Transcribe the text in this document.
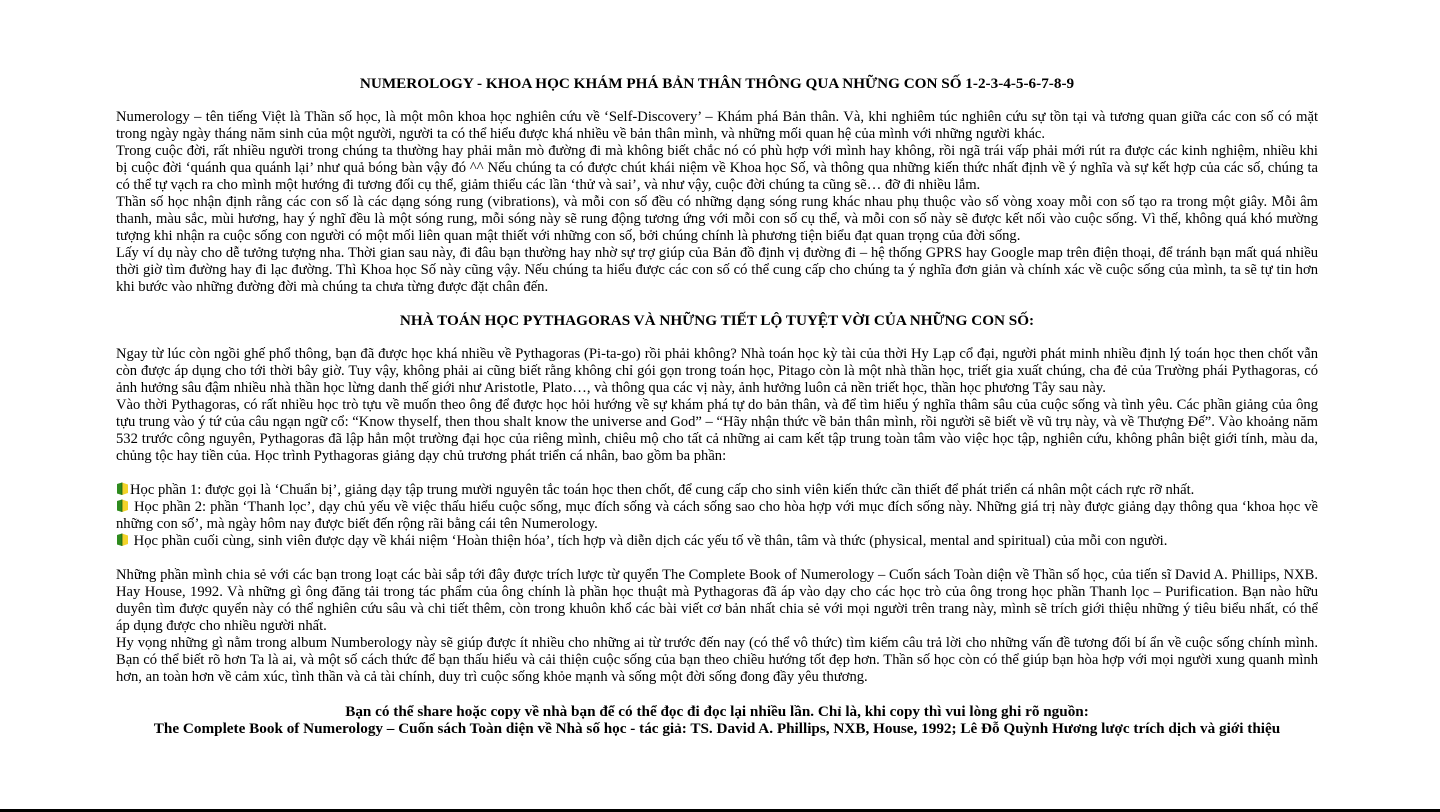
NUMEROLOGY - KHOA HỌC KHÁM PHÁ BẢN THÂN THÔNG QUA NHỮNG CON SỐ 1-2-3-4-5-6-7-8-9

Numerology – tên tiếng Việt là Thần số học, là một môn khoa học nghiên cứu về ‘Self-Discovery’ – Khám phá Bản thân. Và, khi nghiêm túc nghiên cứu sự tồn tại và tương quan giữa các con số có mặt trong ngày ngày tháng năm sinh của một người, người ta có thể hiểu được khá nhiều về bản thân mình, và những mối quan hệ của mình với những người khác.

Trong cuộc đời, rất nhiều người trong chúng ta thường hay phải mằn mò đường đi mà không biết chắc nó có phù hợp với mình hay không, rồi ngã trái vấp phải mới rút ra được các kinh nghiệm, nhiều khi bị cuộc đời ‘quánh qua quánh lại’ như quả bóng bàn vậy đó ^^ Nếu chúng ta có được chút khái niệm về Khoa học Số, và thông qua những kiến thức nhất định về ý nghĩa và sự kết hợp của các số, chúng ta có thể tự vạch ra cho mình một hướng đi tương đối cụ thể, giảm thiểu các lần ‘thử và sai’, và như vậy, cuộc đời chúng ta cũng sẽ… đỡ đi nhiều lắm.

Thần số học nhận định rằng các con số là các dạng sóng rung (vibrations), và mỗi con số đều có những dạng sóng rung khác nhau phụ thuộc vào số vòng xoay mỗi con số tạo ra trong một giây. Mỗi âm thanh, màu sắc, mùi hương, hay ý nghĩ đều là một sóng rung, mỗi sóng này sẽ rung động tương ứng với mỗi con số cụ thể, và mỗi con số này sẽ được kết nối vào cuộc sống. Vì thế, không quá khó mường tượng khi nhận ra cuộc sống con người có một mối liên quan mật thiết với những con số, bởi chúng chính là phương tiện biểu đạt quan trọng của đời sống.

Lấy ví dụ này cho dễ tưởng tượng nha. Thời gian sau này, đi đâu bạn thường hay nhờ sự trợ giúp của Bản đồ định vị đường đi – hệ thống GPRS hay Google map trên điện thoại, để tránh bạn mất quá nhiều thời giờ tìm đường hay đi lạc đường. Thì Khoa học Số này cũng vậy. Nếu chúng ta hiểu được các con số có thể cung cấp cho chúng ta ý nghĩa đơn giản và chính xác về cuộc sống của mình, ta sẽ tự tin hơn khi bước vào những đường đời mà chúng ta chưa từng được đặt chân đến.

NHÀ TOÁN HỌC PYTHAGORAS VÀ NHỮNG TIẾT LỘ TUYỆT VỜI CỦA NHỮNG CON SỐ:

Ngay từ lúc còn ngồi ghế phổ thông, bạn đã được học khá nhiều về Pythagoras (Pi-ta-go) rồi phải không? Nhà toán học kỳ tài của thời Hy Lạp cổ đại, người phát minh nhiều định lý toán học then chốt vẫn còn được áp dụng cho tới thời bây giờ. Tuy vậy, không phải ai cũng biết rằng không chỉ gói gọn trong toán học, Pitago còn là một nhà thần học, triết gia xuất chúng, cha đẻ của Trường phái Pythagoras, có ảnh hưởng sâu đậm nhiều nhà thần học lừng danh thế giới như Aristotle, Plato…, và thông qua các vị này, ảnh hưởng luôn cả nền triết học, thần học phương Tây sau này.

Vào thời Pythagoras, có rất nhiều học trò tựu về muốn theo ông để được học hỏi hướng về sự khám phá tự do bản thân, và để tìm hiểu ý nghĩa thâm sâu của cuộc sống và tình yêu. Các phần giảng của ông tựu trung vào ý tứ của câu ngạn ngữ cổ: “Know thyself, then thou shalt know the universe and God” – “Hãy nhận thức về bản thân mình, rồi người sẽ biết về vũ trụ này, và về Thượng Đế”. Vào khoảng năm 532 trước công nguyên, Pythagoras đã lập hẳn một trường đại học của riêng mình, chiêu mộ cho tất cả những ai cam kết tập trung toàn tâm vào việc học tập, nghiên cứu, không phân biệt giới tính, màu da, chủng tộc hay tiền của. Học trình Pythagoras giảng dạy chủ trương phát triển cá nhân, bao gồm ba phần:

Học phần 1: được gọi là ‘Chuẩn bị’, giảng dạy tập trung mười nguyên tắc toán học then chốt, để cung cấp cho sinh viên kiến thức cần thiết để phát triển cá nhân một cách rực rỡ nhất.

Học phần 2: phần ‘Thanh lọc’, dạy chủ yếu về việc thấu hiểu cuộc sống, mục đích sống và cách sống sao cho hòa hợp với mục đích sống này. Những giá trị này được giảng dạy thông qua ‘khoa học về những con số’, mà ngày hôm nay được biết đến rộng rãi bằng cái tên Numerology.

Học phần cuối cùng, sinh viên được dạy về khái niệm ‘Hoàn thiện hóa’, tích hợp và diễn dịch các yếu tố về thân, tâm và thức (physical, mental and spiritual) của mỗi con người.

Những phần mình chia sẻ với các bạn trong loạt các bài sắp tới đây được trích lược từ quyển The Complete Book of Numerology – Cuốn sách Toàn diện về Thần số học, của tiến sĩ David A. Phillips, NXB. Hay House, 1992. Và những gì ông đăng tải trong tác phẩm của ông chính là phần học thuật mà Pythagoras đã áp vào dạy cho các học trò của ông trong học phần Thanh lọc – Purification. Bạn nào hữu duyên tìm được quyển này có thể nghiên cứu sâu và chi tiết thêm, còn trong khuôn khổ các bài viết cơ bản nhất chia sẻ với mọi người trên trang này, mình sẽ trích giới thiệu những ý tiêu biểu nhất, có thể áp dụng được cho nhiều người nhất.

Hy vọng những gì nằm trong album Numberology này sẽ giúp được ít nhiều cho những ai từ trước đến nay (có thể vô thức) tìm kiếm câu trả lời cho những vấn đề tương đối bí ẩn về cuộc sống chính mình. Bạn có thể biết rõ hơn Ta là ai, và một số cách thức để bạn thấu hiểu và cải thiện cuộc sống của bạn theo chiều hướng tốt đẹp hơn. Thần số học còn có thể giúp bạn hòa hợp với mọi người xung quanh mình hơn, an toàn hơn về cảm xúc, tình thần và cả tài chính, duy trì cuộc sống khỏe mạnh và sống một đời sống đong đầy yêu thương.

Bạn có thể share hoặc copy về nhà bạn để có thể đọc đi đọc lại nhiều lần. Chỉ là, khi copy thì vui lòng ghi rõ nguồn:

The Complete Book of Numerology – Cuốn sách Toàn diện về Nhà số học - tác giả: TS. David A. Phillips, NXB, House, 1992; Lê Đỗ Quỳnh Hương lược trích dịch và giới thiệu
